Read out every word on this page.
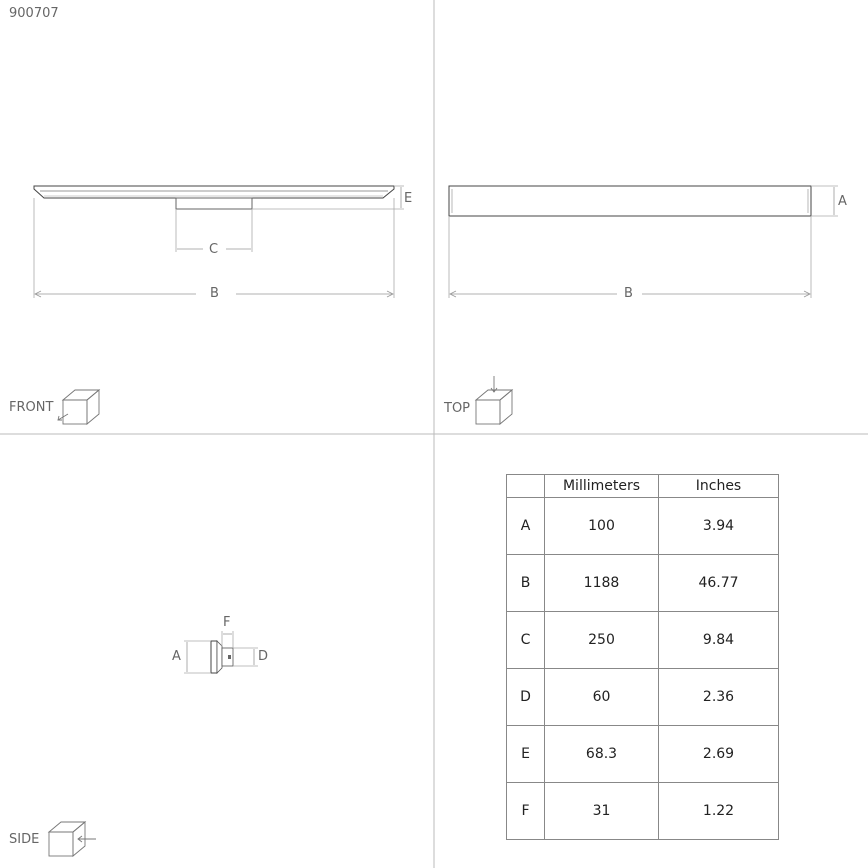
900707
E
C
B
A
B
A
F
D
FRONT	TOP
SIDE
	Millimeters	Inches
A	100	3.94
B	1188	46.77
C	250	9.84
D	60	2.36
E	68.3	2.69
F	31	1.22
